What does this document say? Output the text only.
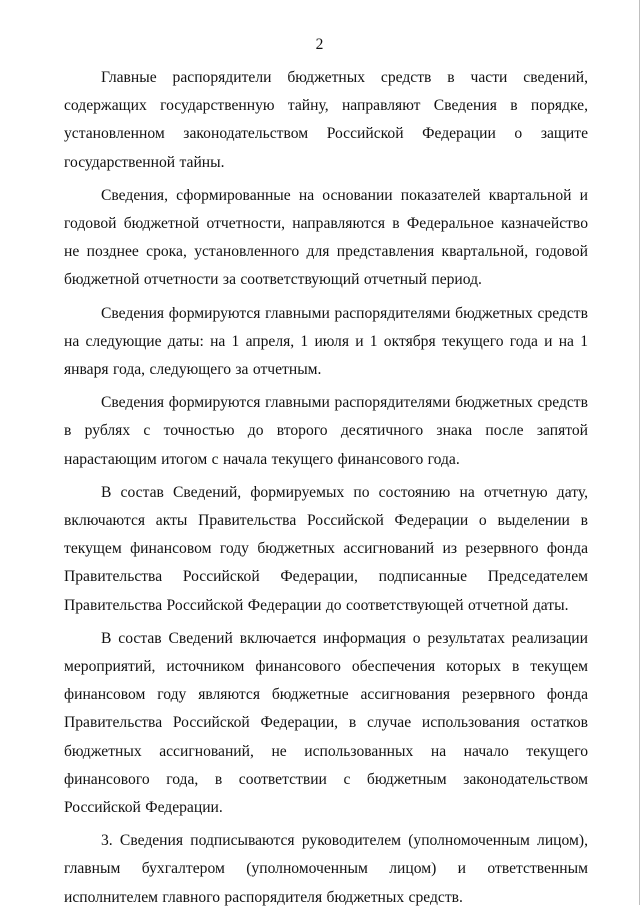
2

Главные распорядители бюджетных средств в части сведений, содержащих государственную тайну, направляют Сведения в порядке, установленном законодательством Российской Федерации о защите государственной тайны.

Сведения, сформированные на основании показателей квартальной и годовой бюджетной отчетности, направляются в Федеральное казначейство не позднее срока, установленного для представления квартальной, годовой бюджетной отчетности за соответствующий отчетный период.

Сведения формируются главными распорядителями бюджетных средств на следующие даты: на 1 апреля, 1 июля и 1 октября текущего года и на 1 января года, следующего за отчетным.

Сведения формируются главными распорядителями бюджетных средств в рублях с точностью до второго десятичного знака после запятой нарастающим итогом с начала текущего финансового года.

В состав Сведений, формируемых по состоянию на отчетную дату, включаются акты Правительства Российской Федерации о выделении в текущем финансовом году бюджетных ассигнований из резервного фонда Правительства Российской Федерации, подписанные Председателем Правительства Российской Федерации до соответствующей отчетной даты.

В состав Сведений включается информация о результатах реализации мероприятий, источником финансового обеспечения которых в текущем финансовом году являются бюджетные ассигнования резервного фонда Правительства Российской Федерации, в случае использования остатков бюджетных ассигнований, не использованных на начало текущего финансового года, в соответствии с бюджетным законодательством Российской Федерации.

3. Сведения подписываются руководителем (уполномоченным лицом), главным бухгалтером (уполномоченным лицом) и ответственным исполнителем главного распорядителя бюджетных средств.
